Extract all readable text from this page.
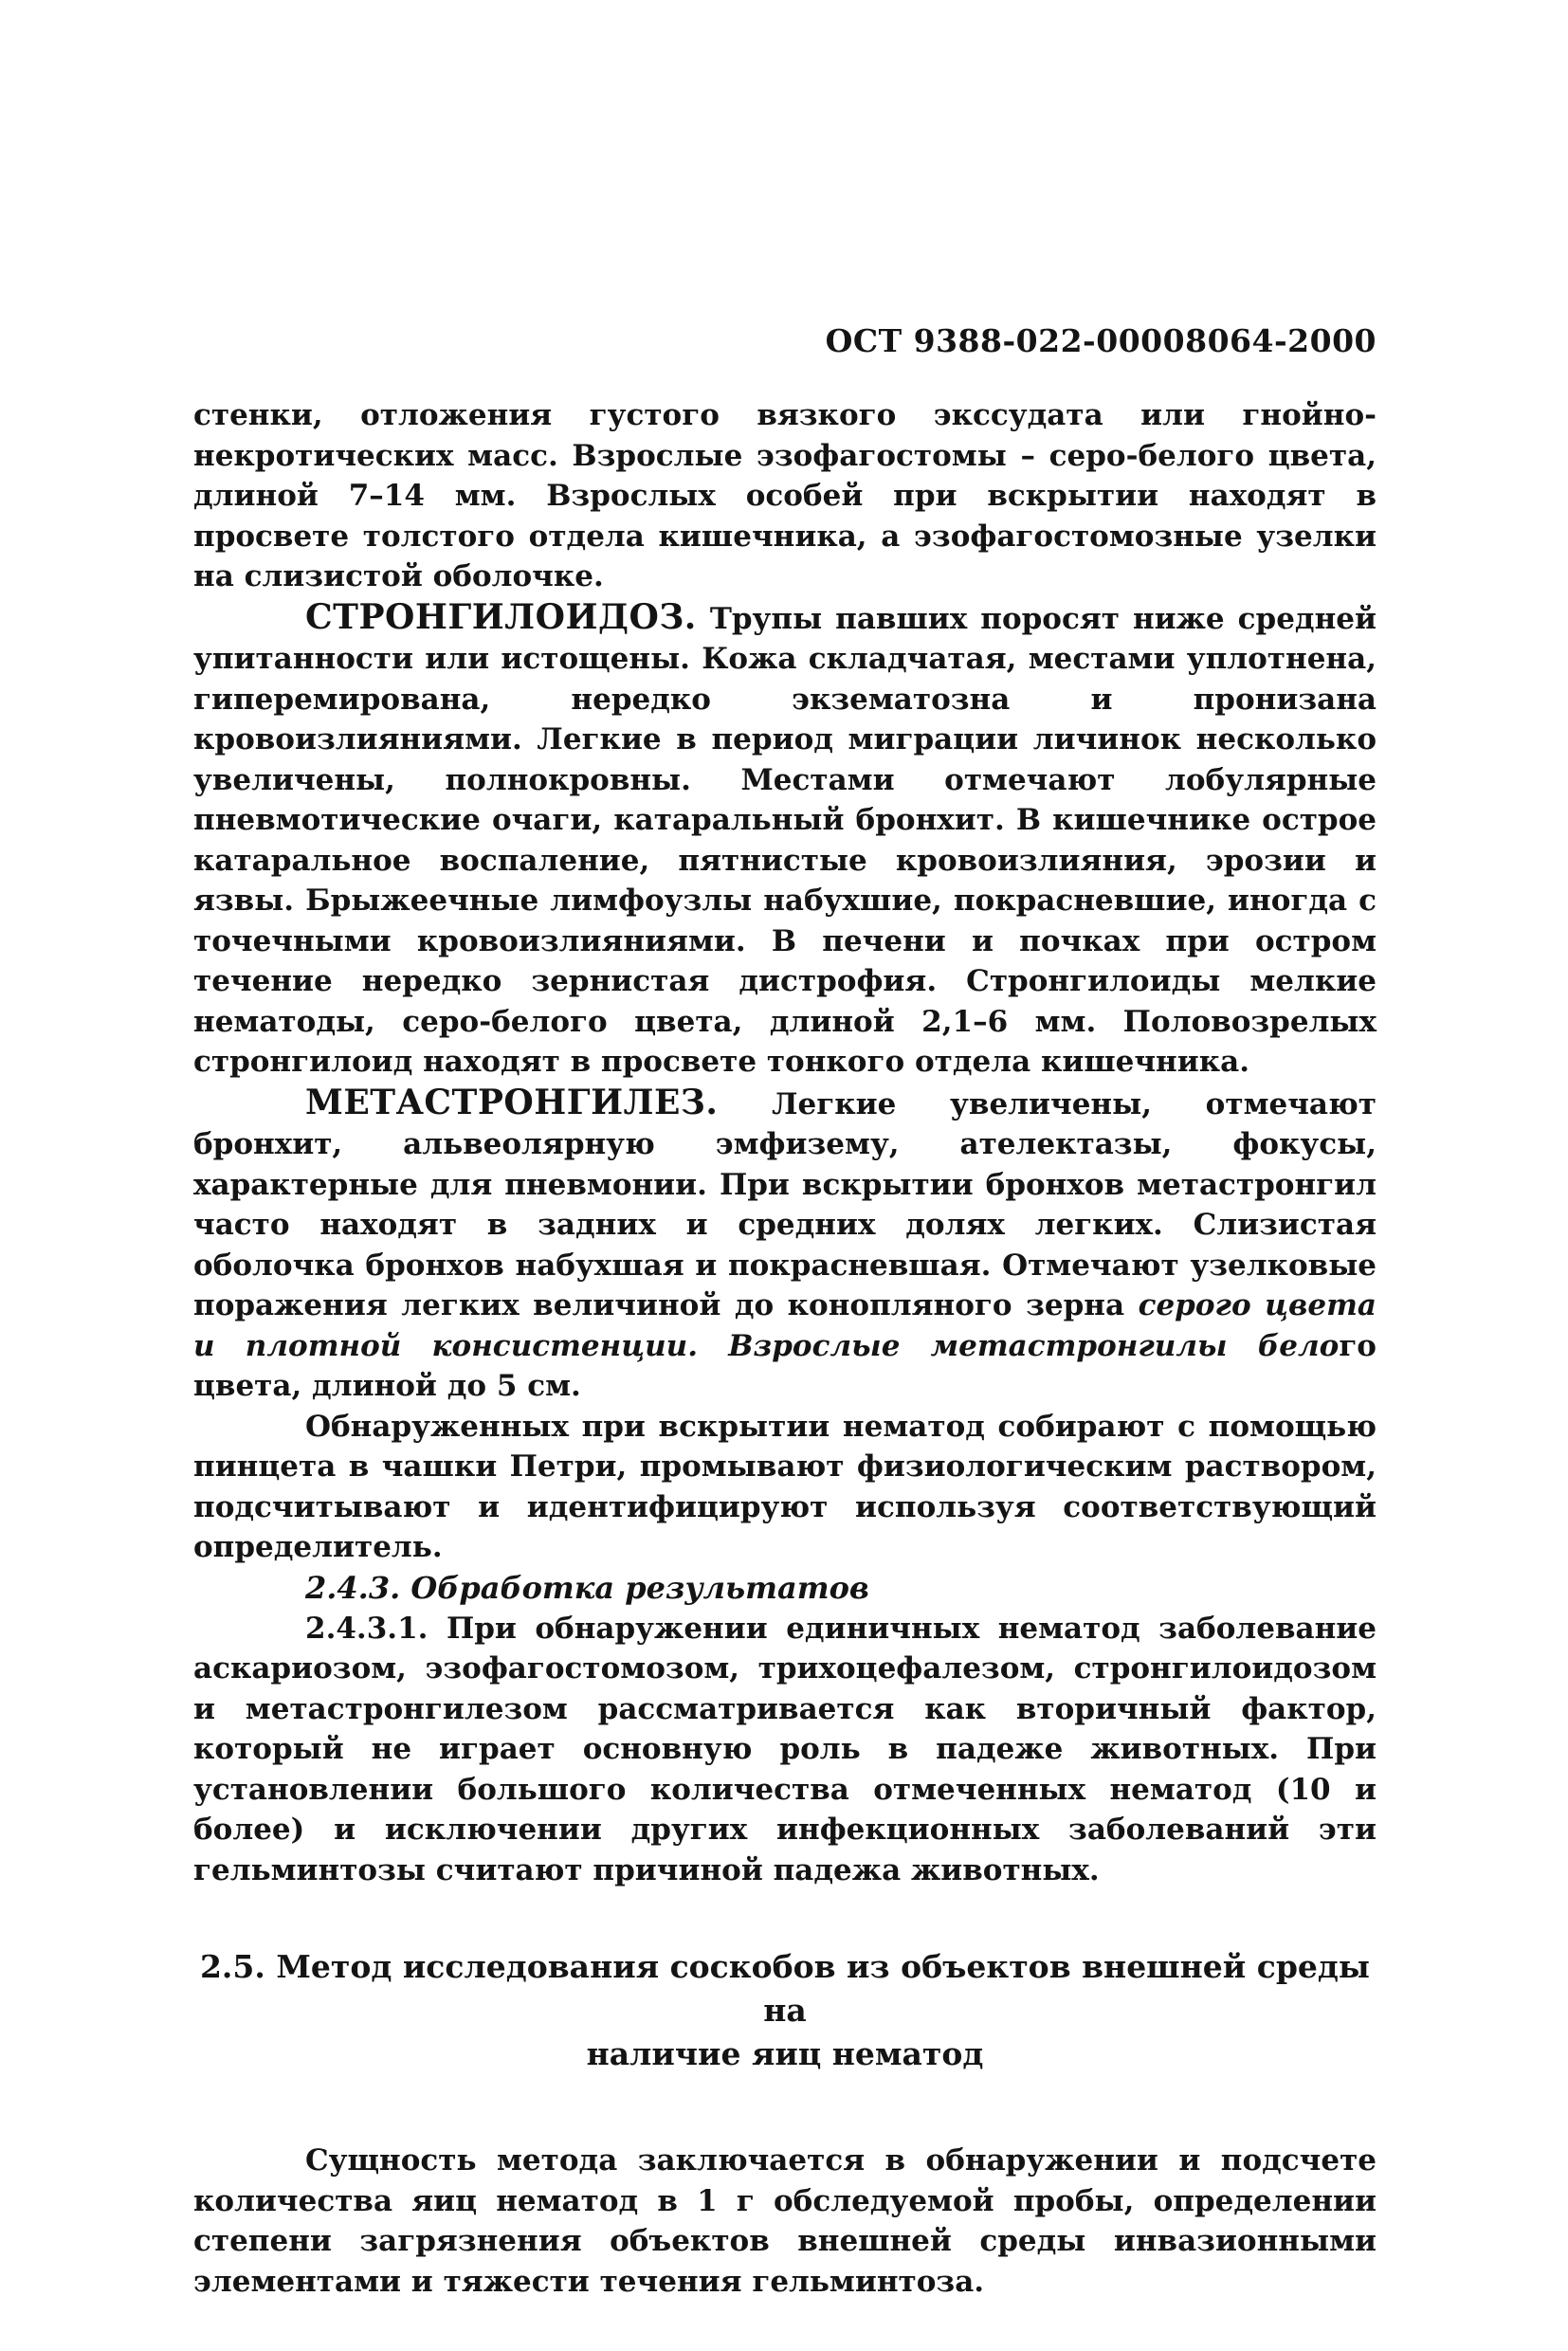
ОСТ 9388-022-00008064-2000

стенки, отложения густого вязкого экссудата или гнойно-некротических масс. Взрослые эзофагостомы – серо-белого цвета, длиной 7–14 мм. Взрослых особей при вскрытии находят в просвете толстого отдела кишечника, а эзофагостомозные узелки на слизистой оболочке.

СТРОНГИЛОИДОЗ. Трупы павших поросят ниже средней упитанности или истощены. Кожа складчатая, местами уплотнена, гиперемирована, нередко экзематозна и пронизана кровоизлияниями. Легкие в период миграции личинок несколько увеличены, полнокровны. Местами отмечают лобулярные пневмотические очаги, катаральный бронхит. В кишечнике острое катаральное воспаление, пятнистые кровоизлияния, эрозии и язвы. Брыжеечные лимфоузлы набухшие, покрасневшие, иногда с точечными кровоизлияниями. В печени и почках при остром течение нередко зернистая дистрофия. Стронгилоиды мелкие нематоды, серо-белого цвета, длиной 2,1–6 мм. Половозрелых стронгилоид находят в просвете тонкого отдела кишечника.

МЕТАСТРОНГИЛЕЗ. Легкие увеличены, отмечают бронхит, альвеолярную эмфизему, ателектазы, фокусы, характерные для пневмонии. При вскрытии бронхов метастронгил часто находят в задних и средних долях легких. Слизистая оболочка бронхов набухшая и покрасневшая. Отмечают узелковые поражения легких величиной до конопляного зерна серого цвета и плотной консистенции. Взрослые метастронгилы белого цвета, длиной до 5 см.

Обнаруженных при вскрытии нематод собирают с помощью пинцета в чашки Петри, промывают физиологическим раствором, подсчитывают и идентифицируют используя соответствующий определитель.

2.4.3. Обработка результатов

2.4.3.1. При обнаружении единичных нематод заболевание аскариозом, эзофагостомозом, трихоцефалезом, стронгилоидозом и метастронгилезом рассматривается как вторичный фактор, который не играет основную роль в падеже животных. При установлении большого количества отмеченных нематод (10 и более) и исключении других инфекционных заболеваний эти гельминтозы считают причиной падежа животных.

2.5. Метод исследования соскобов из объектов внешней среды на
наличие яиц нематод

Сущность метода заключается в обнаружении и подсчете количества яиц нематод в 1 г обследуемой пробы, определении степени загрязнения объектов внешней среды инвазионными элементами и тяжести течения гельминтоза.
